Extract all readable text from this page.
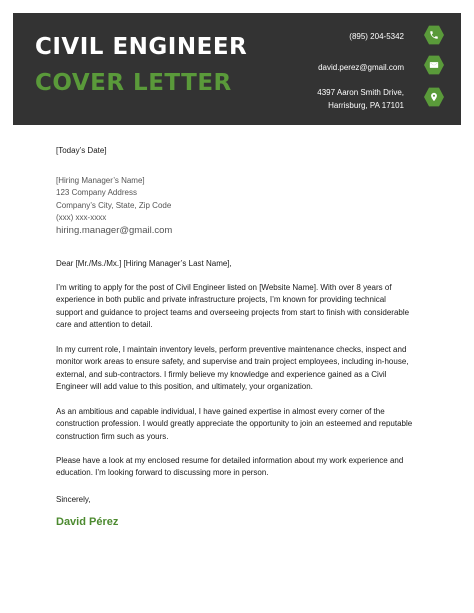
CIVIL ENGINEER
COVER LETTER
(895) 204-5342
david.perez@gmail.com
4397 Aaron Smith Drive,
Harrisburg, PA 17101
[Today’s Date]
[Hiring Manager’s Name]
123 Company Address
Company’s City, State, Zip Code
(xxx) xxx-xxxx
hiring.manager@gmail.com
Dear [Mr./Ms./Mx.] [Hiring Manager’s Last Name],
I’m writing to apply for the post of Civil Engineer listed on [Website Name]. With over 8 years of experience in both public and private infrastructure projects, I’m known for providing technical support and guidance to project teams and overseeing projects from start to finish with considerable care and attention to detail.
In my current role, I maintain inventory levels, perform preventive maintenance checks, inspect and monitor work areas to ensure safety, and supervise and train project employees, including in-house, external, and sub-contractors. I firmly believe my knowledge and experience gained as a Civil Engineer will add value to this position, and ultimately, your organization.
As an ambitious and capable individual, I have gained expertise in almost every corner of the construction profession. I would greatly appreciate the opportunity to join an esteemed and reputable construction firm such as yours.
Please have a look at my enclosed resume for detailed information about my work experience and education. I’m looking forward to discussing more in person.
Sincerely,
David Pérez
